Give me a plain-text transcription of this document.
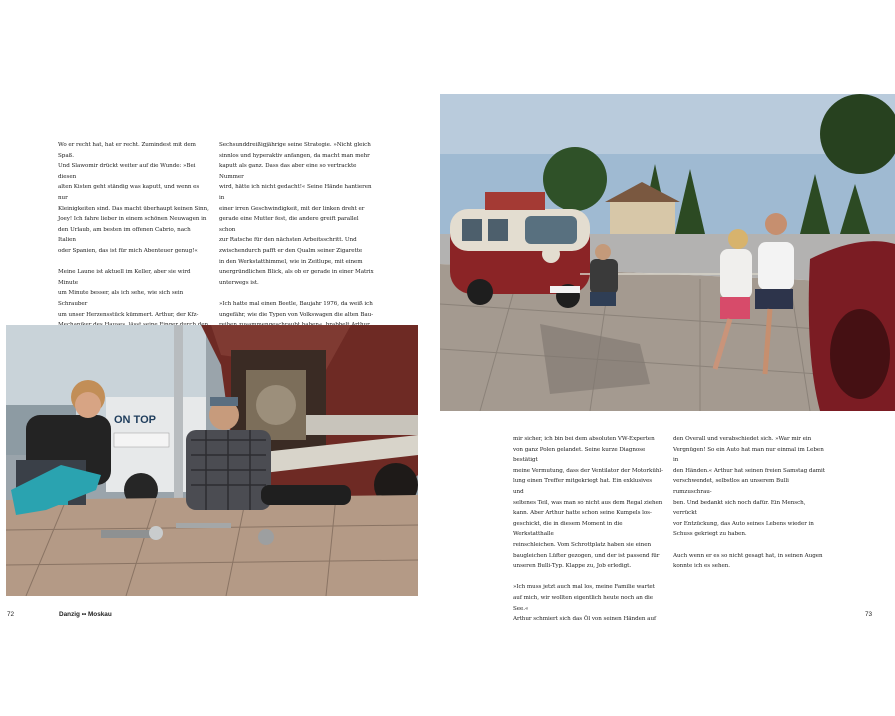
Wo er recht hat, hat er recht. Zumindest mit dem Spaß.
Und Slawomir drückt weiter auf die Wunde: »Bei diesen
alten Kisten geht ständig was kaputt, und wenn es nur
Kleinigkeiten sind. Das macht überhaupt keinen Sinn,
Joey! Ich fahre lieber in einem schönen Neuwagen in
den Urlaub, am besten im offenen Cabrio, nach Italien
oder Spanien, das ist für mich Abenteuer genug!«

Meine Laune ist aktuell im Keller, aber sie wird Minute
um Minute besser, als ich sehe, wie sich sein Schrauber
um unser Herzensstück kümmert. Arthur, der Kfz-

Sechsunddreißigjährige seine Strategie. »Nicht gleich
sinnlos und hyperaktiv anfangen, da macht man mehr
kaputt als ganz. Dass das aber eine so vertrackte Nummer
wird, hätte ich nicht gedacht!« Seine Hände hantieren in
einer irren Geschwindigkeit, mit der linken dreht er
gerade eine Mutter fest, die andere greift parallel schon
zur Ratsche für den nächsten Arbeitsschritt. Und
zwischendurch pafft er den Qualm seiner Zigarette
in den Werkstatthimmel, wie in Zeitlupe, mit einem
unergründlichen Blick, als ob er gerade in einer Matrix
unterwegs ist.

»Ich hatte mal einen Beetle, Baujahr 1976, da weiß ich
ungefähr, wie die Typen von Volkswagen die alten Bau-

ON TOP

mir sicher, ich bin bei dem absoluten VW-Experten
von ganz Polen gelandet. Seine kurze Diagnose bestätigt
meine Vermutung, dass der Ventilator der Motorkühl-
lung einen Treffer mitgekriegt hat. Ein exklusives und
seltenes Teil, was man so nicht aus dem Regal ziehen
kann. Aber Arthur hatte schon seine Kumpels los-
geschickt, die in diesem Moment in die Werkstatthalle
reinschleichen. Vom Schrottplatz haben sie einen
baugleichen Lüfter gezogen, und der ist passend für
unseren Bulli-Typ. Klappe zu, Job erledigt.

»Ich muss jetzt auch mal los, meine Familie wartet
auf mich, wir wollten eigentlich heute noch an die See.«
Arthur schmiert sich das Öl von seinen Händen auf

den Overall und verabschiedet sich. »War mir ein
Vergnügen! So ein Auto hat man nur einmal im Leben in
den Händen.« Arthur hat seinen freien Samstag damit
verschwendet, selbstlos an unserem Bulli rumzuschrau-
ben. Und bedankt sich noch dafür. Ein Mensch, verrückt
vor Entzückung, das Auto seines Lebens wieder in
Schuss gekriegt zu haben.

Auch wenn er es so nicht gesagt hat, in seinen Augen
konnte ich es sehen.

72	Danzig •• Moskau	73
